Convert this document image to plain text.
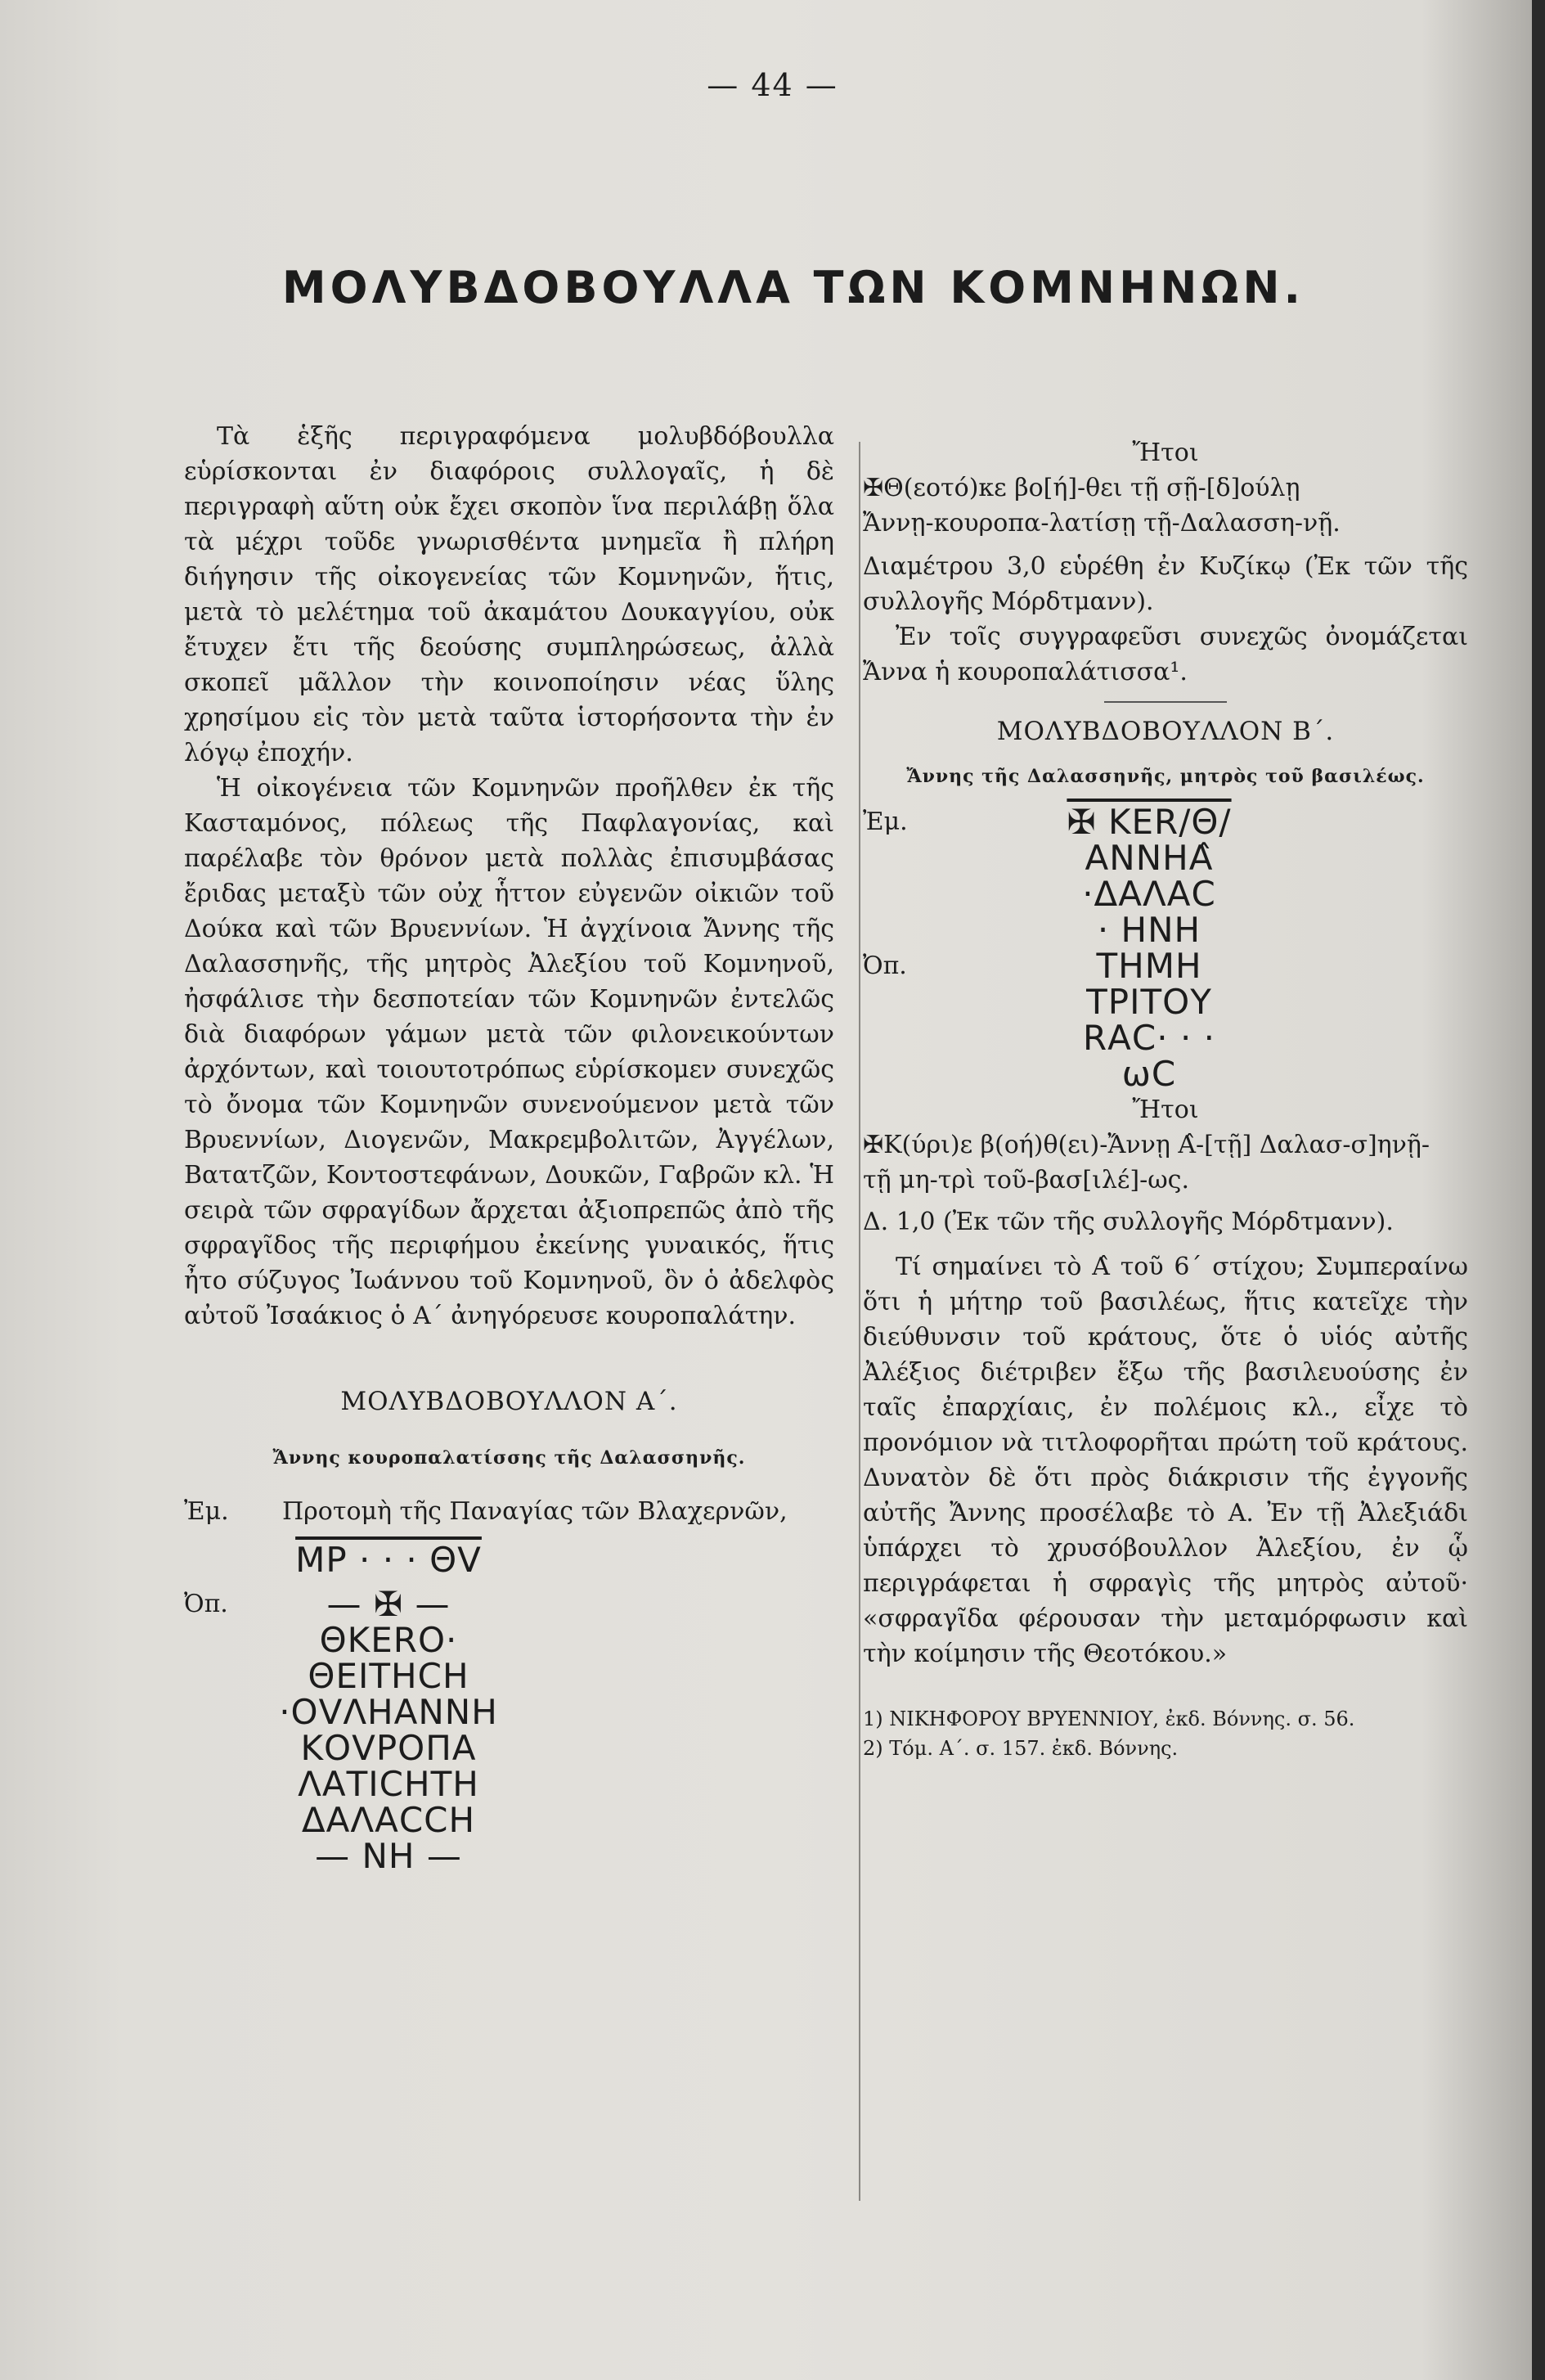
— 44 —
ΜΟΛΥΒΔΟΒΟΥΛΛΑ ΤΩΝ ΚΟΜΝΗΝΩΝ.

Τὰ ἑξῆς περιγραφόμενα μολυβδόβουλλα εὑρίσκονται ἐν διαφόροις συλλογαῖς, ἡ δὲ περιγραφὴ αὕτη οὐκ ἔχει σκοπὸν ἵνα περιλάβῃ ὅλα τὰ μέχρι τοῦδε γνωρισθέντα μνημεῖα ἢ πλήρη διήγησιν τῆς οἰκογενείας τῶν Κομνηνῶν, ἥτις, μετὰ τὸ μελέτημα τοῦ ἀκαμάτου Δουκαγγίου, οὐκ ἔτυχεν ἔτι τῆς δεούσης συμπληρώσεως, ἀλλὰ σκοπεῖ μᾶλλον τὴν κοινοποίησιν νέας ὕλης χρησίμου εἰς τὸν μετὰ ταῦτα ἱστορήσοντα τὴν ἐν λόγῳ ἐποχήν.

Ἡ οἰκογένεια τῶν Κομνηνῶν προῆλθεν ἐκ τῆς Κασταμόνος, πόλεως τῆς Παφλαγονίας, καὶ παρέλαβε τὸν θρόνον μετὰ πολλὰς ἐπισυμβάσας ἔριδας μεταξὺ τῶν οὐχ ἧττον εὐγενῶν οἰκιῶν τοῦ Δούκα καὶ τῶν Βρυεννίων. Ἡ ἀγχίνοια Ἄννης τῆς Δαλασσηνῆς, τῆς μητρὸς Ἀλεξίου τοῦ Κομνηνοῦ, ἠσφάλισε τὴν δεσποτείαν τῶν Κομνηνῶν ἐντελῶς διὰ διαφόρων γάμων μετὰ τῶν φιλονεικούντων ἀρχόντων, καὶ τοιουτοτρόπως εὑρίσκομεν συνεχῶς τὸ ὄνομα τῶν Κομνηνῶν συνενούμενον μετὰ τῶν Βρυεννίων, Διογενῶν, Μακρεμβολιτῶν, Ἀγγέλων, Βατατζῶν, Κοντοστεφάνων, Δουκῶν, Γαβρῶν κλ. Ἡ σειρὰ τῶν σφραγίδων ἄρχεται ἀξιοπρεπῶς ἀπὸ τῆς σφραγῖδος τῆς περιφήμου ἐκείνης γυναικός, ἥτις ἦτο σύζυγος Ἰωάννου τοῦ Κομνηνοῦ, ὃν ὁ ἀδελφὸς αὐτοῦ Ἰσαάκιος ὁ Α΄ ἀνηγόρευσε κουροπαλάτην.

ΜΟΛΥΒΔΟΒΟΥΛΛΟΝ Α΄.
Ἄννης κουροπαλατίσσης τῆς Δαλασσηνῆς.
Ἐμ.	Προτομὴ τῆς Παναγίας τῶν Βλαχερνῶν,
ΜΡ · · · ΘV
Ὀπ.	— ✠ —
ΘΚΕRΟ·
ΘΕΙΤΗCΗ
·ΟVΛΗΑΝΝΗ
ΚΟVΡΟΠΑ
ΛΑΤΙCΗΤΗ
ΔΑΛΑCCΗ
— ΝΗ —
Ἤτοι
✠Θ(εοτό)κε βο[ή]-θει τῇ σῇ-[δ]ούλῃ
Ἄννῃ-κουροπα-λατίσῃ τῇ-Δαλασση-νῇ.

Διαμέτρου 3,0 εὑρέθη ἐν Κυζίκῳ (Ἐκ τῶν τῆς συλλογῆς Μόρδτμανν).

Ἐν τοῖς συγγραφεῦσι συνεχῶς ὀνομάζεται Ἄννα ἡ κουροπαλάτισσα¹.

ΜΟΛΥΒΔΟΒΟΥΛΛΟΝ Β΄.
Ἄννης τῆς Δαλασσηνῆς, μητρὸς τοῦ βασιλέως.
Ἐμ.	✠ ΚΕR/Θ/
ΑΝΝΗΑ̂
·ΔΑΛΑC
· ΗΝΗ
Ὀπ.	ΤΗΜΗ
ΤΡΙΤΟΥ
RΑC· · ·
ωC
Ἤτοι
✠Κ(ύρι)ε β(οή)θ(ει)-Ἄννῃ Α̂-[τῇ] Δαλασ-σ]ηνῇ-
τῇ μη-τρὶ τοῦ-βασ[ιλέ]-ως.

Δ. 1,0 (Ἐκ τῶν τῆς συλλογῆς Μόρδτμανν).

Τί σημαίνει τὸ Α̂ τοῦ 6΄ στίχου; Συμπεραίνω ὅτι ἡ μήτηρ τοῦ βασιλέως, ἥτις κατεῖχε τὴν διεύθυνσιν τοῦ κράτους, ὅτε ὁ υἱός αὐτῆς Ἀλέξιος διέτριβεν ἔξω τῆς βασιλευούσης ἐν ταῖς ἐπαρχίαις, ἐν πολέμοις κλ., εἶχε τὸ προνόμιον νὰ τιτλοφορῆται πρώτη τοῦ κράτους. Δυνατὸν δὲ ὅτι πρὸς διάκρισιν τῆς ἐγγονῆς αὐτῆς Ἄννης προσέλαβε τὸ Α. Ἐν τῇ Ἀλεξιάδι ὑπάρχει τὸ χρυσόβουλλον Ἀλεξίου, ἐν ᾧ περιγράφεται ἡ σφραγὶς τῆς μητρὸς αὐτοῦ· «σφραγῖδα φέρουσαν τὴν μεταμόρφωσιν καὶ τὴν κοίμησιν τῆς Θεοτόκου.»

1) ΝΙΚΗΦΟΡΟΥ ΒΡΥΕΝΝΙΟΥ, ἐκδ. Βόννης. σ. 56.
2) Τόμ. Α΄. σ. 157. ἐκδ. Βόννης.
